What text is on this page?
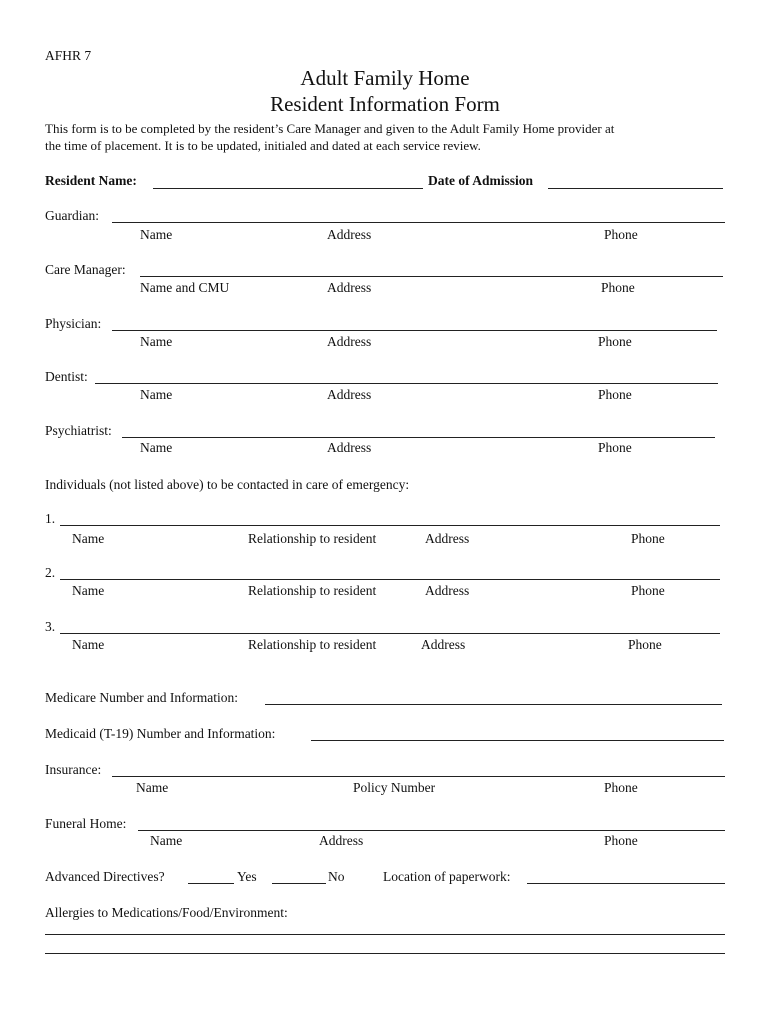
AFHR 7
Adult Family Home
Resident Information Form
This form is to be completed by the resident’s Care Manager and given to the Adult Family Home provider at
the time of placement. It is to be updated, initialed and dated at each service review.
Resident Name:	Date of Admission
Guardian:
Name	Address	Phone
Care Manager:
Name and CMU	Address	Phone
Physician:
Name	Address	Phone
Dentist:
Name	Address	Phone
Psychiatrist:
Name	Address	Phone
Individuals (not listed above) to be contacted in care of emergency:
1.
Name	Relationship to resident	Address	Phone
2.
Name	Relationship to resident	Address	Phone
3.
Name	Relationship to resident	Address	Phone
Medicare Number and Information:
Medicaid (T-19) Number and Information:
Insurance:
Name	Policy Number	Phone
Funeral Home:
Name	Address	Phone
Advanced Directives?	Yes	No	Location of paperwork:
Allergies to Medications/Food/Environment:
